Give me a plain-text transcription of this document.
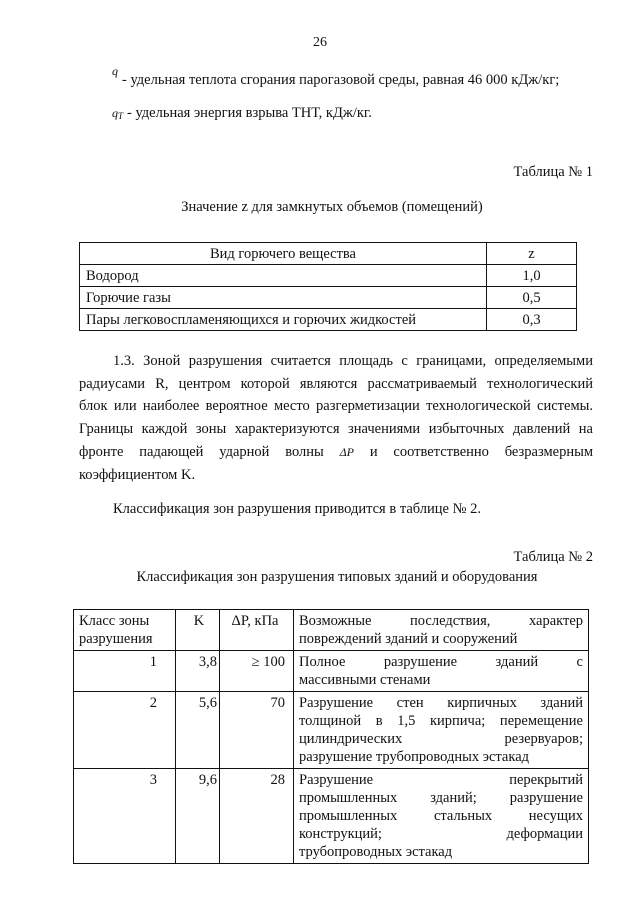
26
q- удельная теплота сгорания парогазовой среды, равная 46 000 кДж/кг;
$q_T$ - удельная энергия взрыва ТНТ, кДж/кг.
Таблица № 1
Значение z для замкнутых объемов (помещений)
Вид горючего вещества	z
Водород	1,0
Горючие газы	0,5
Пары легковоспламеняющихся и горючих жидкостей	0,3
1.3. Зоной разрушения считается площадь с границами, определяемыми
радиусами R, центром которой являются рассматриваемый технологический
блок или наиболее вероятное место разгерметизации технологической системы.
Границы каждой зоны характеризуются значениями избыточных давлений на
фронте падающей ударной волны ΔP и соответственно безразмерным
коэффициентом K.
Классификация зон разрушения приводится в таблице № 2.
Таблица № 2
Классификация зон разрушения типовых зданий и оборудования
Класс зоны
разрушения	K	ΔP, кПа	Возможные последствия, характер
повреждений зданий и сооружений

1	3,8	≥ 100	Полное разрушение зданий с
массивными стенами

2	5,6	70	Разрушение стен кирпичных зданий
толщиной в 1,5 кирпича; перемещение
цилиндрических резервуаров;
разрушение трубопроводных эстакад

3	9,6	28	Разрушение перекрытий
промышленных зданий; разрушение
промышленных стальных несущих
конструкций; деформации
трубопроводных эстакад
